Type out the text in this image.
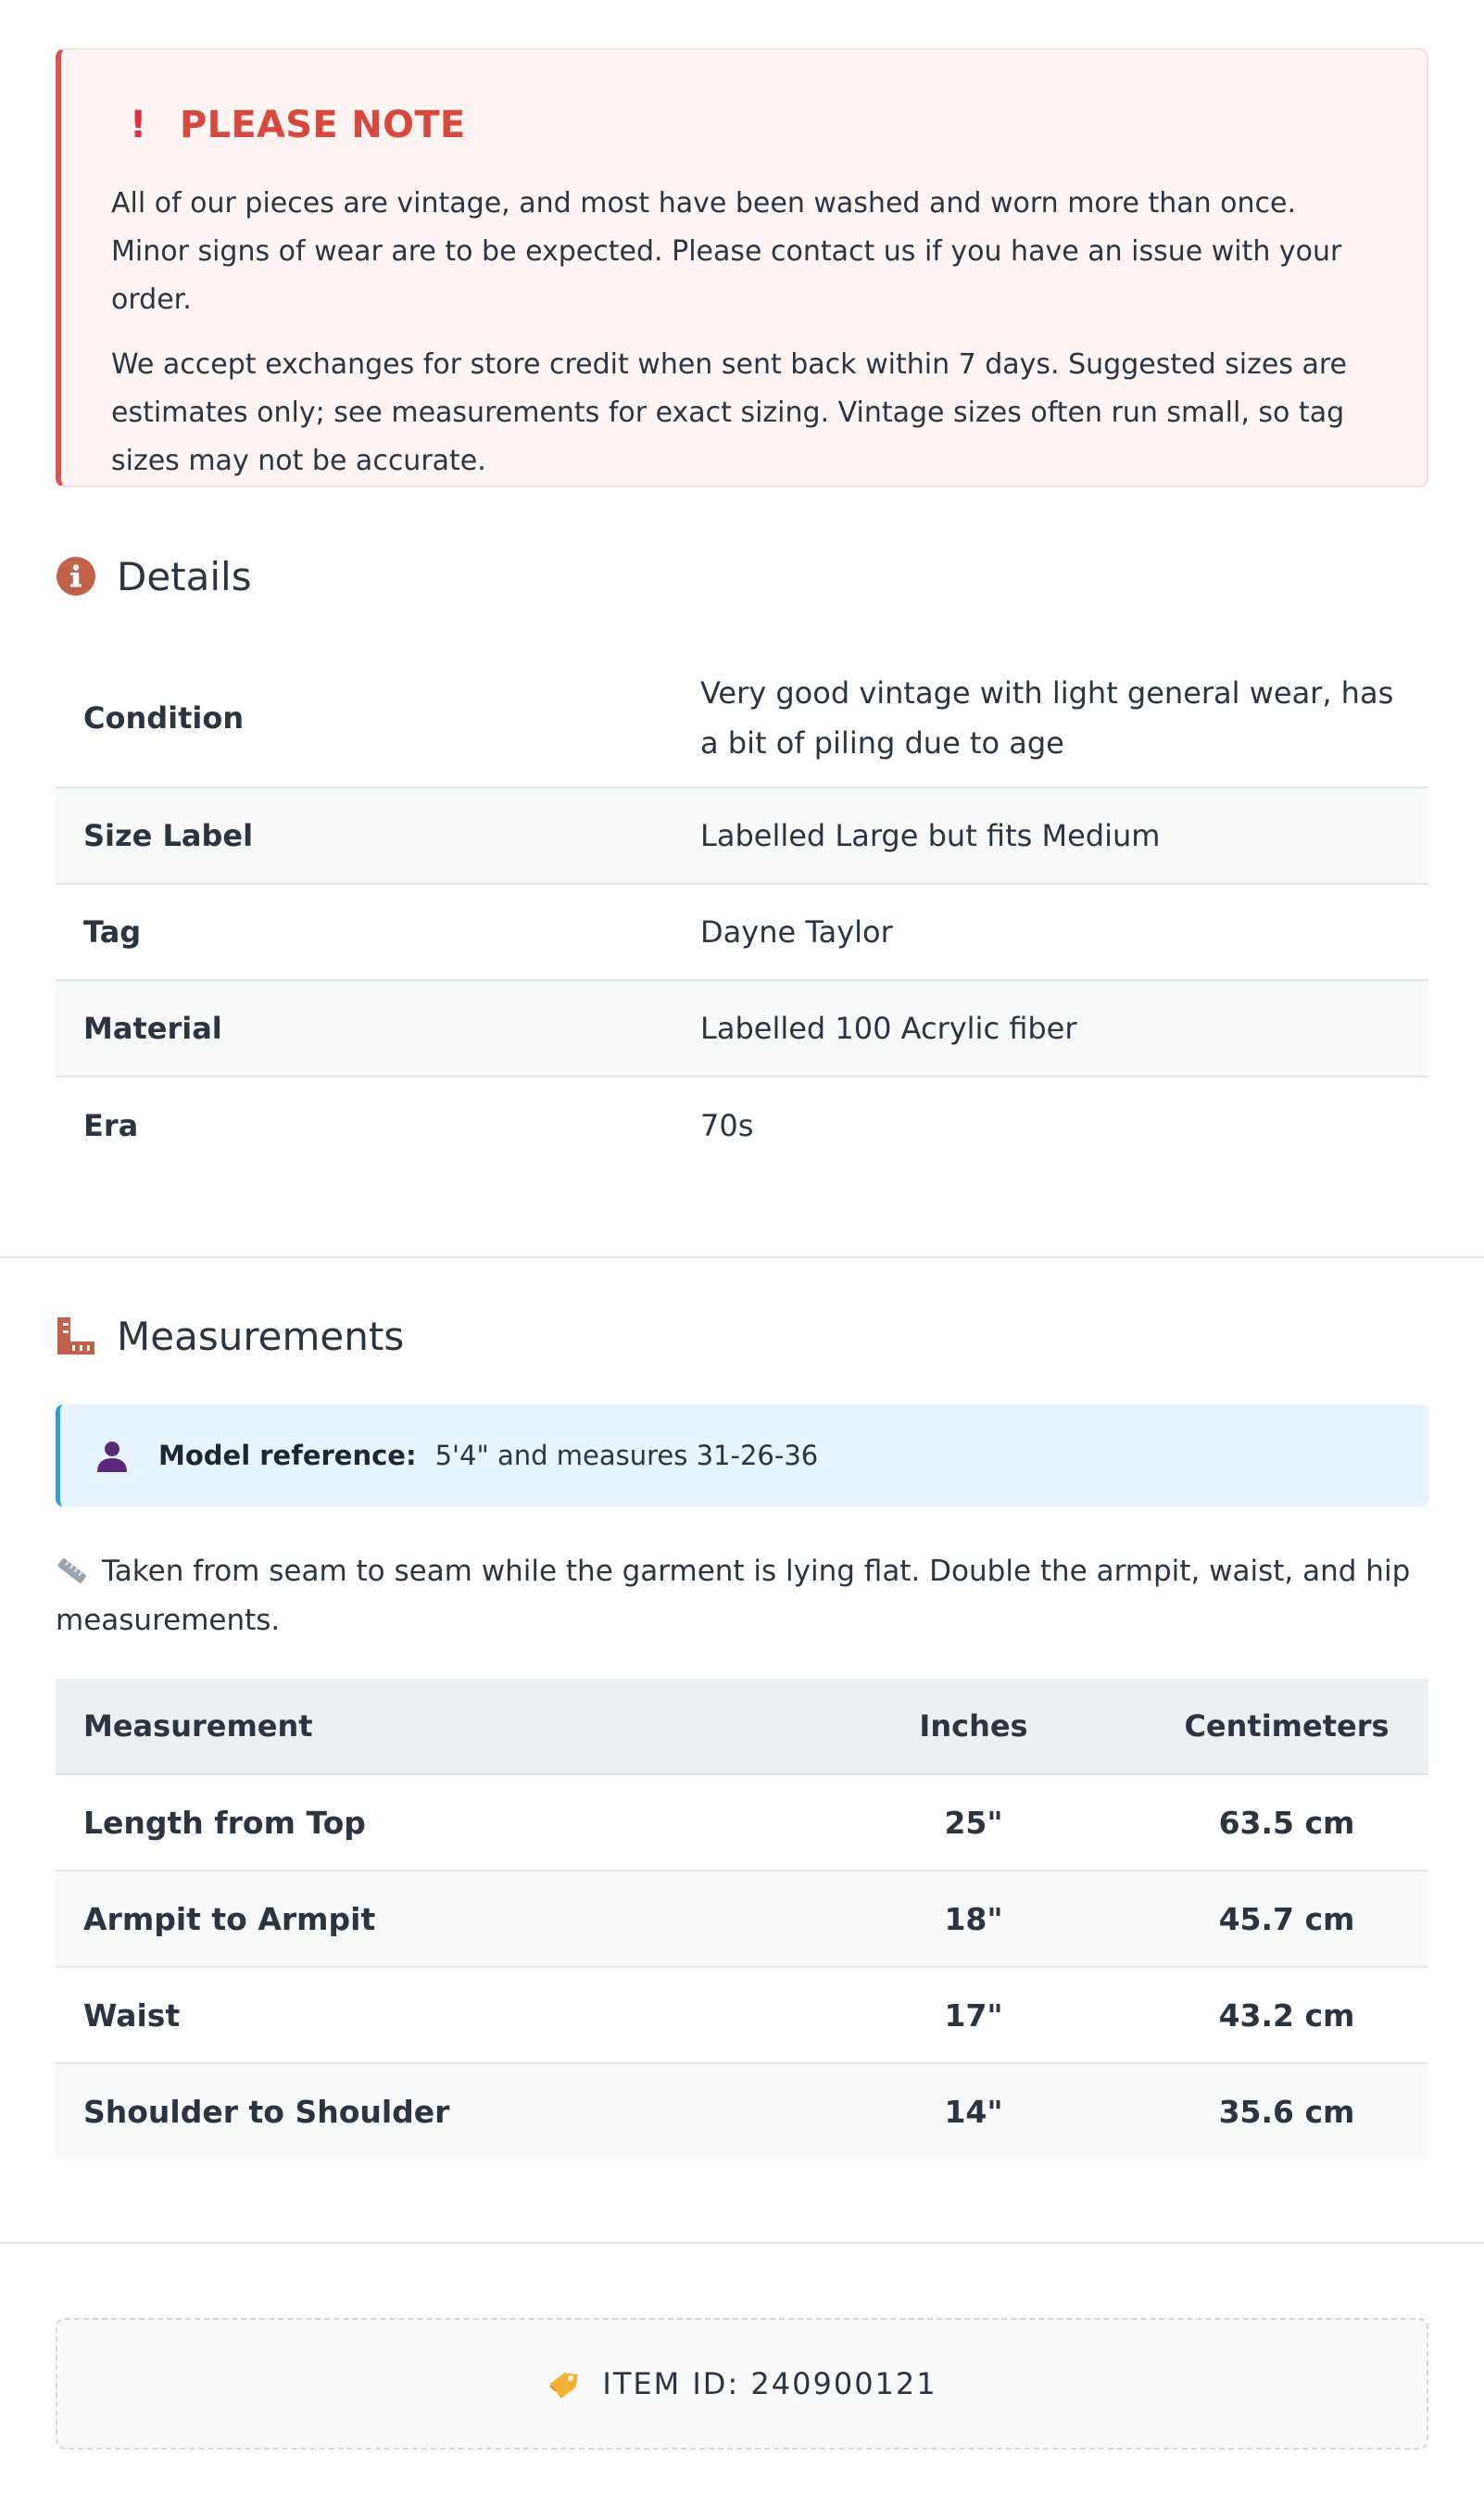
! PLEASE NOTE

All of our pieces are vintage, and most have been washed and worn more than once. Minor signs of wear are to be expected. Please contact us if you have an issue with your order.

We accept exchanges for store credit when sent back within 7 days. Suggested sizes are estimates only; see measurements for exact sizing. Vintage sizes often run small, so tag sizes may not be accurate.

Details
Condition	Very good vintage with light general wear, has a bit of piling due to age
Size Label	Labelled Large but fits Medium
Tag	Dayne Taylor
Material	Labelled 100 Acrylic fiber
Era	70s
Measurements
Model reference: 5'4" and measures 31-26-36
Taken from seam to seam while the garment is lying flat. Double the armpit, waist, and hip measurements.
Measurement	Inches	Centimeters
Length from Top	25"	63.5 cm
Armpit to Armpit	18"	45.7 cm
Waist	17"	43.2 cm
Shoulder to Shoulder	14"	35.6 cm
ITEM ID: 240900121
